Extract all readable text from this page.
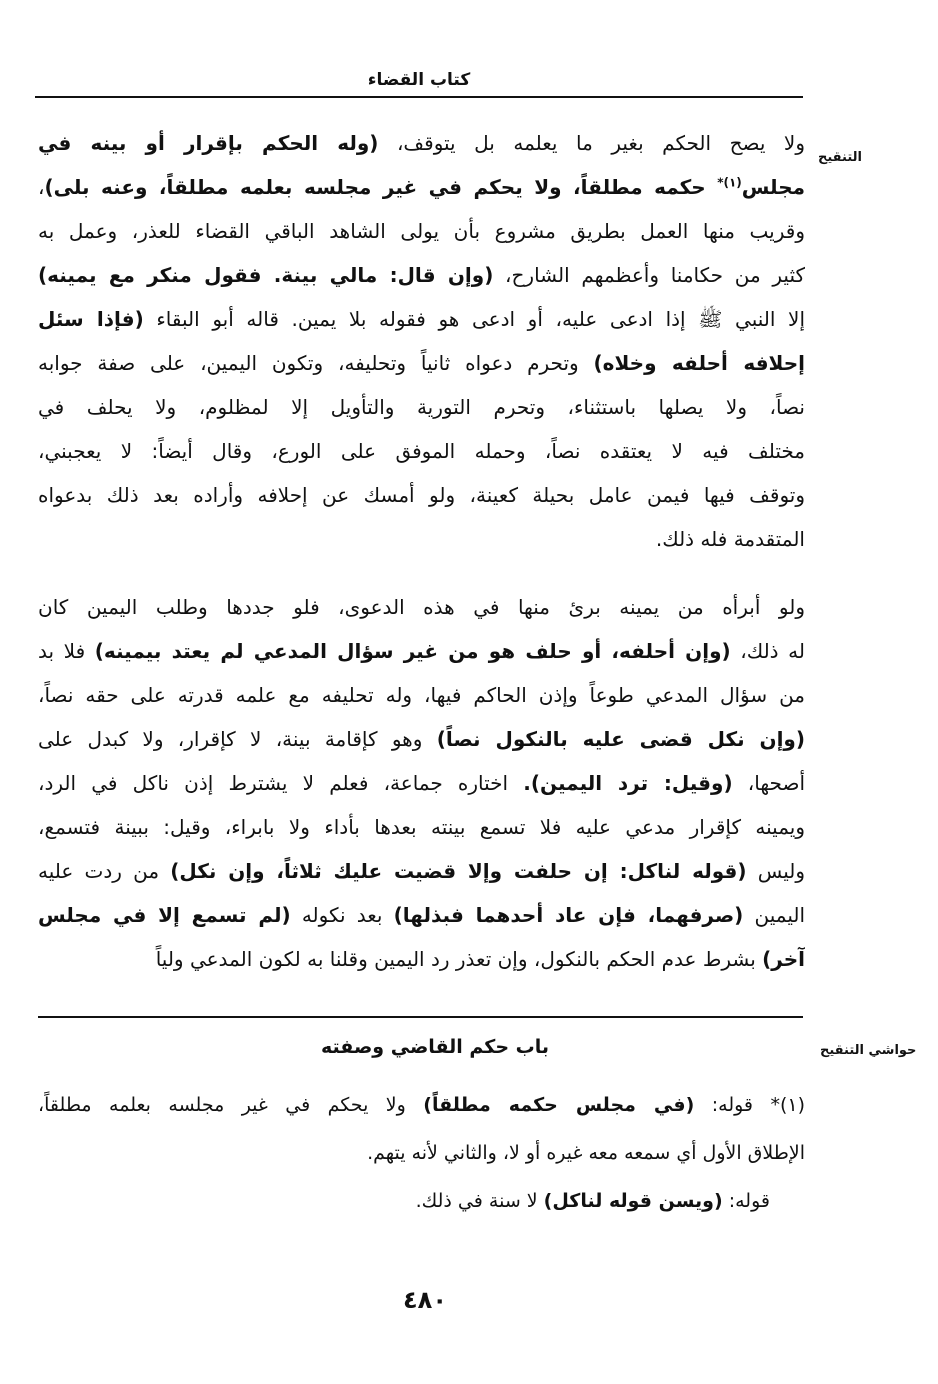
كتاب القضاء
التنقيح
ولا يصح الحكم بغير ما يعلمه بل يتوقف، (وله الحكم بإقرار أو بينه في
مجلس$^{(١)*}$ حكمه مطلقاً، ولا يحكم في غير مجلسه بعلمه مطلقاً، وعنه بلى)،
وقريب منها العمل بطريق مشروع بأن يولى الشاهد الباقي القضاء للعذر، وعمل به
كثير من حكامنا وأعظمهم الشارح، (وإن قال: مالي بينة. فقول منكر مع يمينه)
إلا النبي ﷺ إذا ادعى عليه، أو ادعى هو فقوله بلا يمين. قاله أبو البقاء (فإذا سئل
إحلافه أحلفه وخلاه) وتحرم دعواه ثانياً وتحليفه، وتكون اليمين، على صفة جوابه
نصاً، ولا يصلها باستثناء، وتحرم التورية والتأويل إلا لمظلوم، ولا يحلف في
مختلف فيه لا يعتقده نصاً، وحمله الموفق على الورع، وقال أيضاً: لا يعجبني،
وتوقف فيها فيمن عامل بحيلة كعينة، ولو أمسك عن إحلافه وأراده بعد ذلك بدعواه
المتقدمة فله ذلك.
ولو أبرأه من يمينه برئ منها في هذه الدعوى، فلو جددها وطلب اليمين كان
له ذلك، (وإن أحلفه، أو حلف هو من غير سؤال المدعي لم يعتد بيمينه) فلا بد
من سؤال المدعي طوعاً وإذن الحاكم فيها، وله تحليفه مع علمه قدرته على حقه نصاً،
(وإن نكل قضى عليه بالنكول نصاً) وهو كإقامة بينة، لا كإقرار، ولا كبدل على
أصحها، (وقيل: ترد اليمين). اختاره جماعة، فعلم لا يشترط إذن ناكل في الرد،
ويمينه كإقرار مدعي عليه فلا تسمع بينته بعدها بأداء ولا بابراء، وقيل: ببينة فتسمع،
وليس (قوله لناكل: إن حلفت وإلا قضيت عليك ثلاثاً، وإن نكل) من ردت عليه
اليمين (صرفهما، فإن عاد أحدهما فبذلها) بعد نكوله (لم تسمع إلا في مجلس
آخر) بشرط عدم الحكم بالنكول، وإن تعذر رد اليمين وقلنا به لكون المدعي ولياً
حواشي التنقيح
باب حكم القاضي وصفته
(١)* قوله: (في مجلس حكمه مطلقاً) ولا يحكم في غير مجلسه بعلمه مطلقاً،
الإطلاق الأول أي سمعه معه غيره أو لا، والثاني لأنه يتهم.
قوله: (ويسن قوله لناكل) لا سنة في ذلك.
٤٨٠
